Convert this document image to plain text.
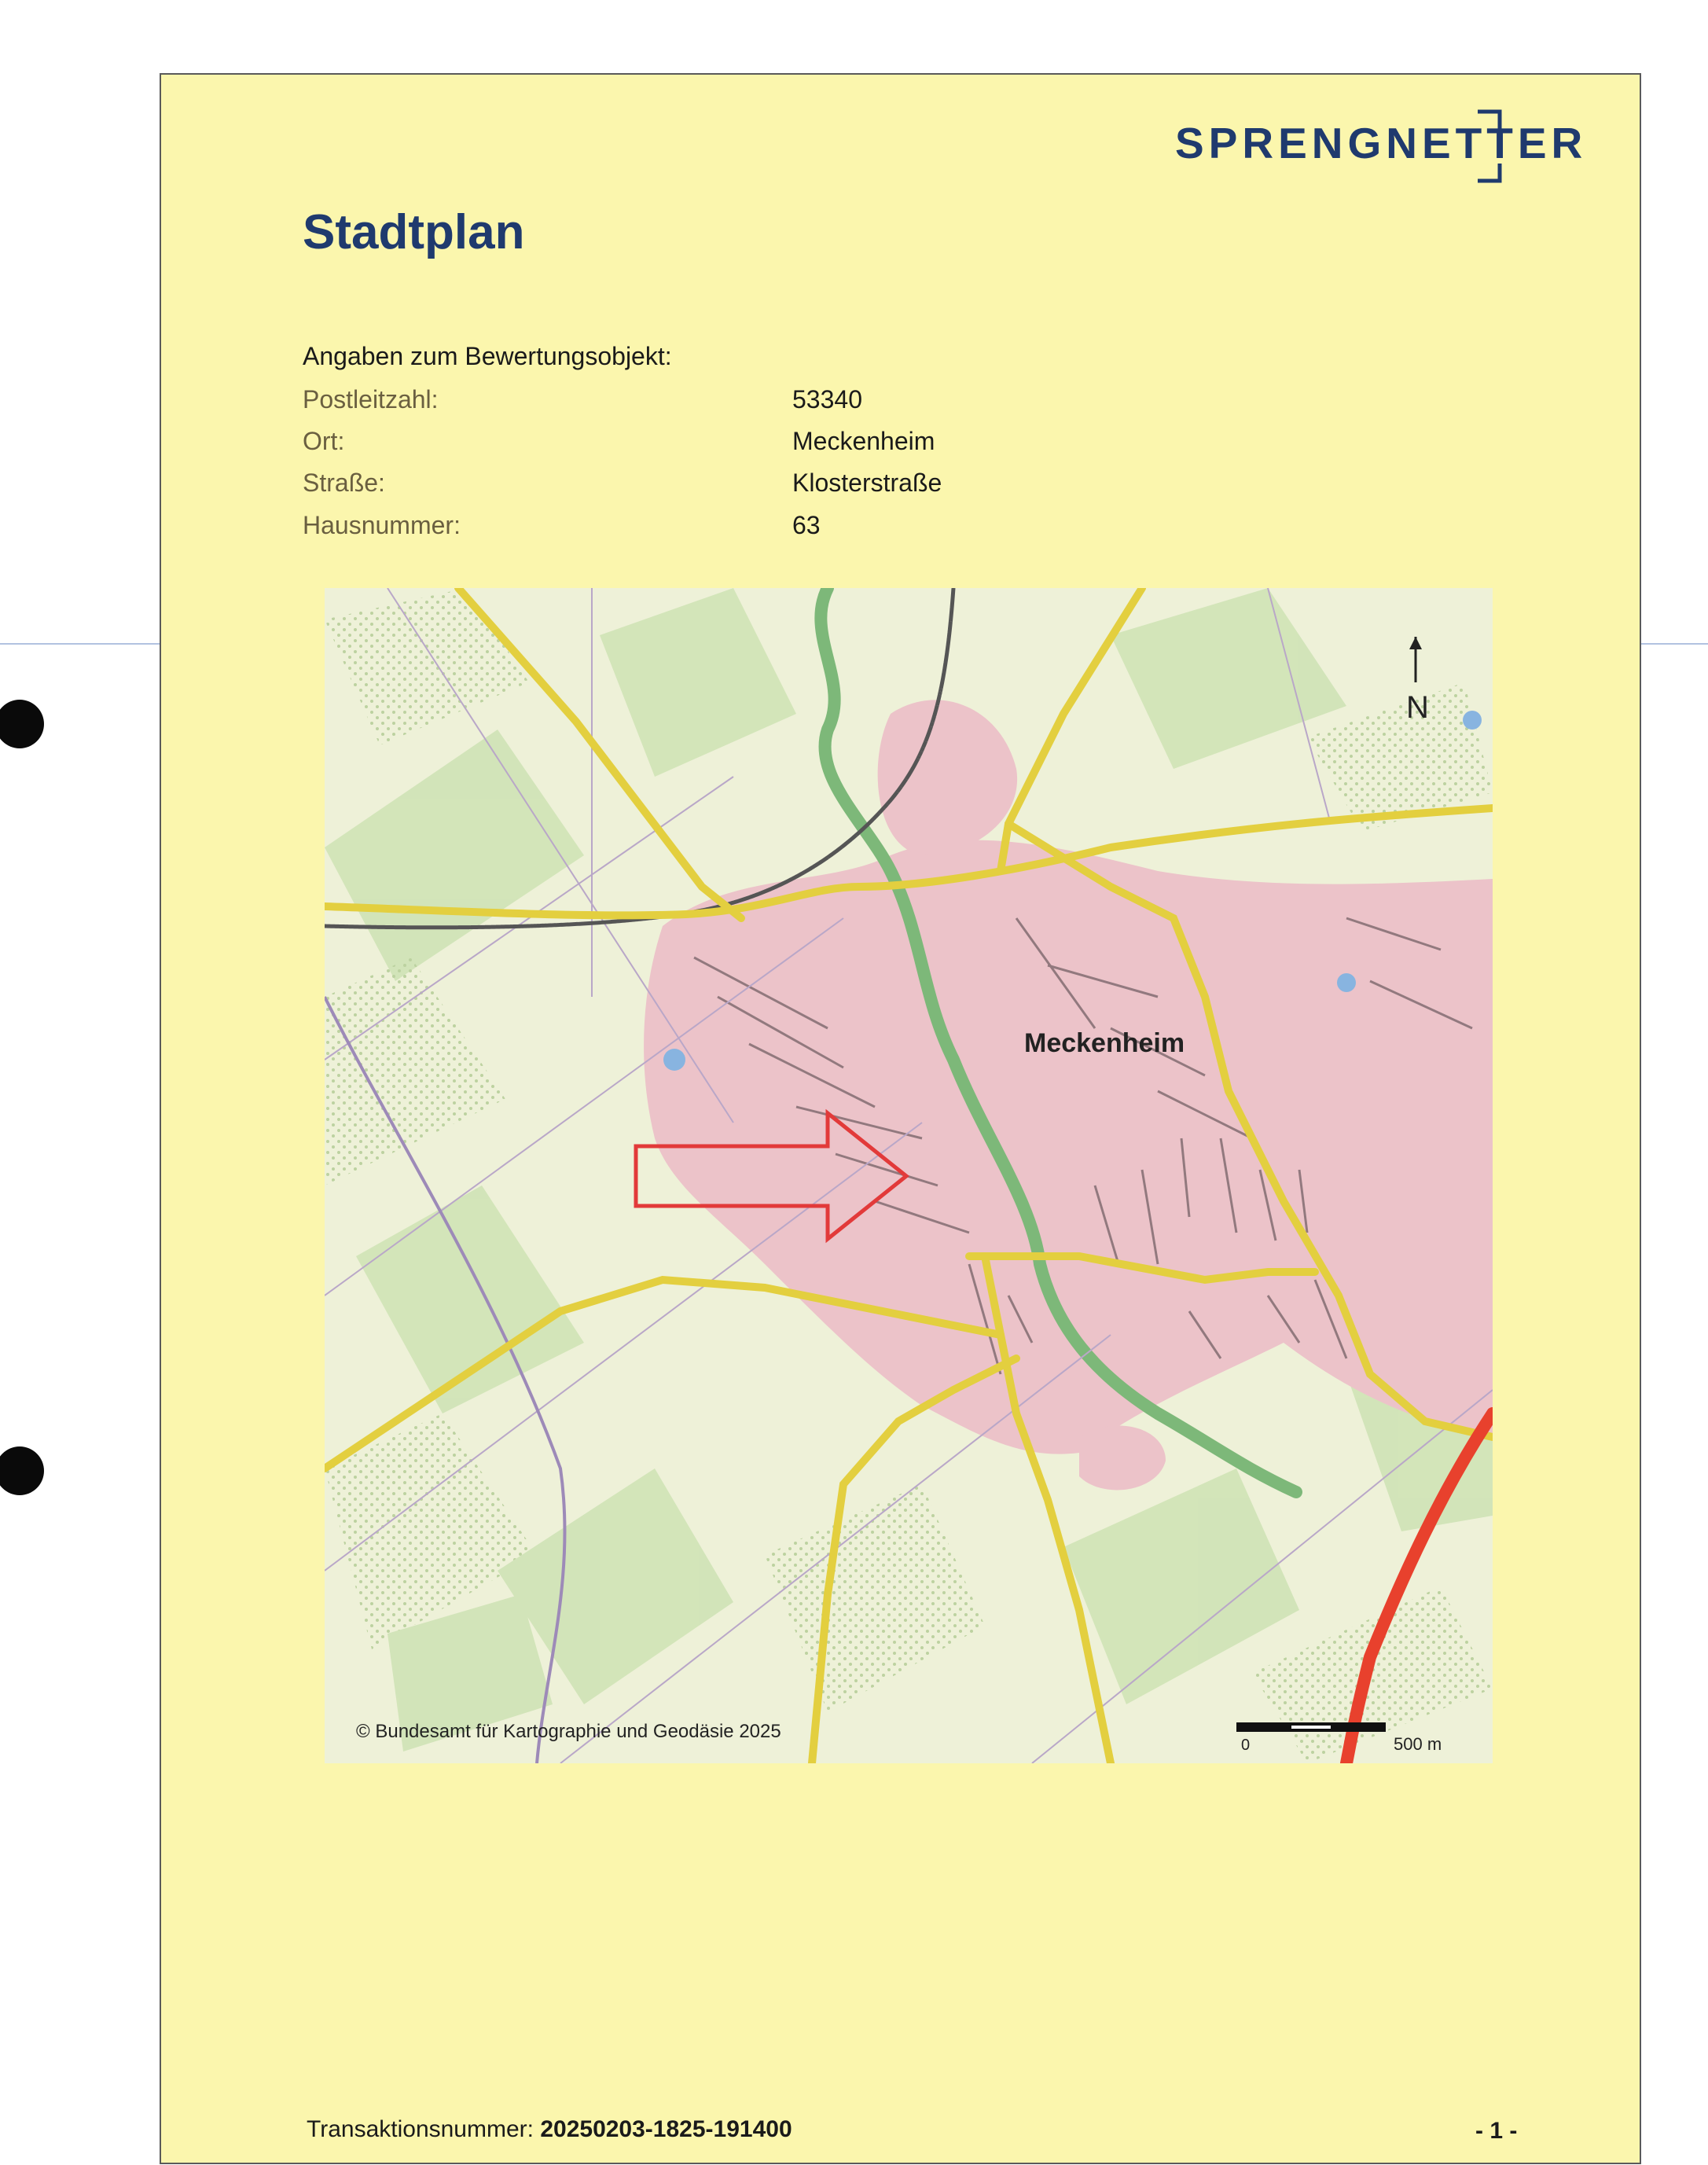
SPRENGNETTER
Stadtplan
Angaben zum Bewertungsobjekt:
Postleitzahl:	53340
Ort:	Meckenheim
Straße:	Klosterstraße
Hausnummer:	63
Meckenheim
N
© Bundesamt für Kartographie und Geodäsie 2025
0	500 m
Transaktionsnummer: 20250203-1825-191400	- 1 -
